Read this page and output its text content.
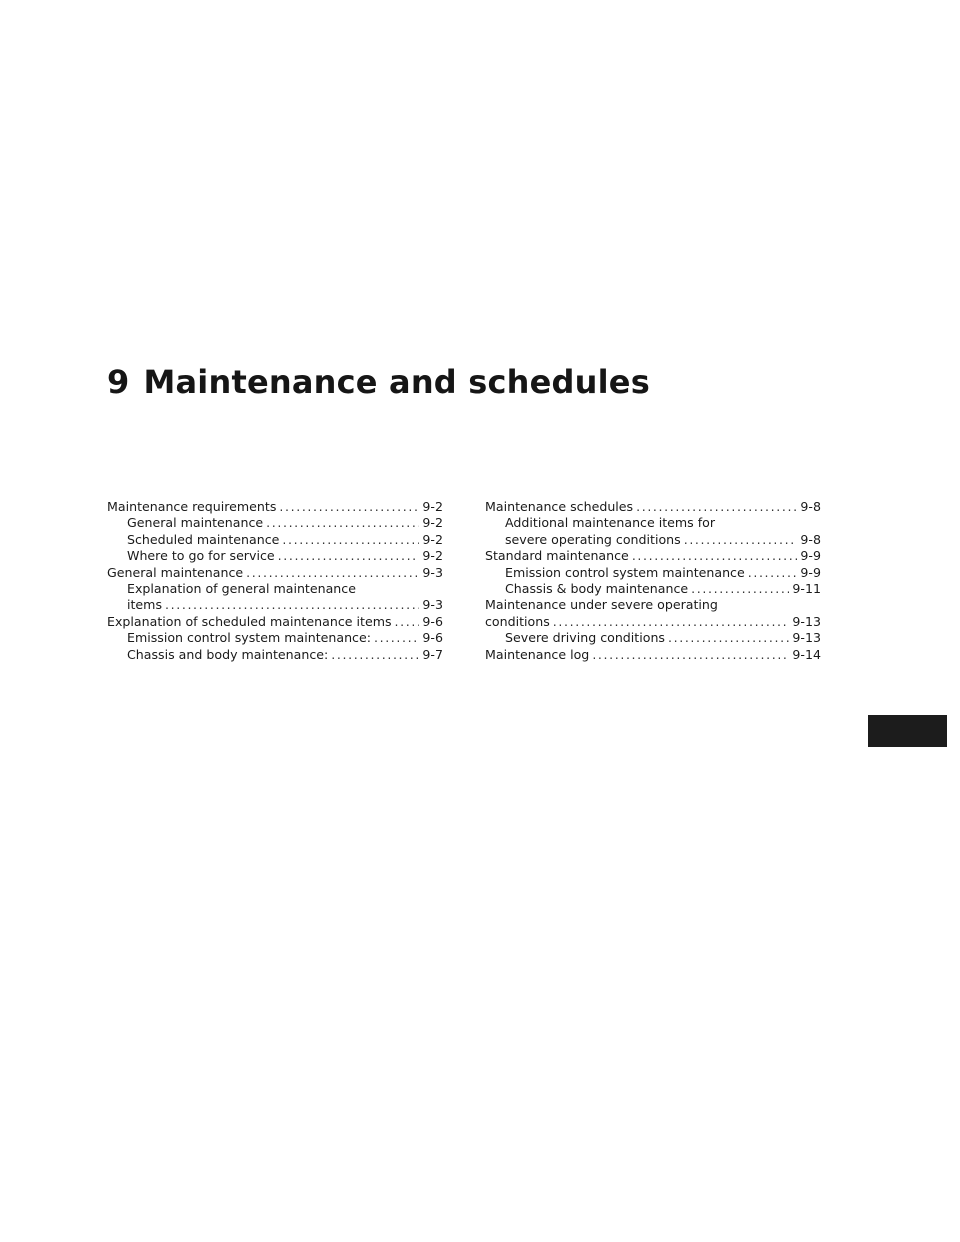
9 Maintenance and schedules
Maintenance requirements . . .	9-2
General maintenance . . .	9-2
Scheduled maintenance . . .	9-2
Where to go for service . . .	9-2
General maintenance . . .	9-3
Explanation of general maintenance
items . . .	9-3
Explanation of scheduled maintenance items . . . 9-6
Emission control system maintenance: . . .	9-6
Chassis and body maintenance: . . .	9-7
Maintenance schedules . . .	9-8
Additional maintenance items for
severe operating conditions . . .	9-8
Standard maintenance . . .	9-9
Emission control system maintenance . . .	9-9
Chassis & body maintenance . . .	9-11
Maintenance under severe operating
conditions . . .	9-13
Severe driving conditions . . .	9-13
Maintenance log . . .	9-14
